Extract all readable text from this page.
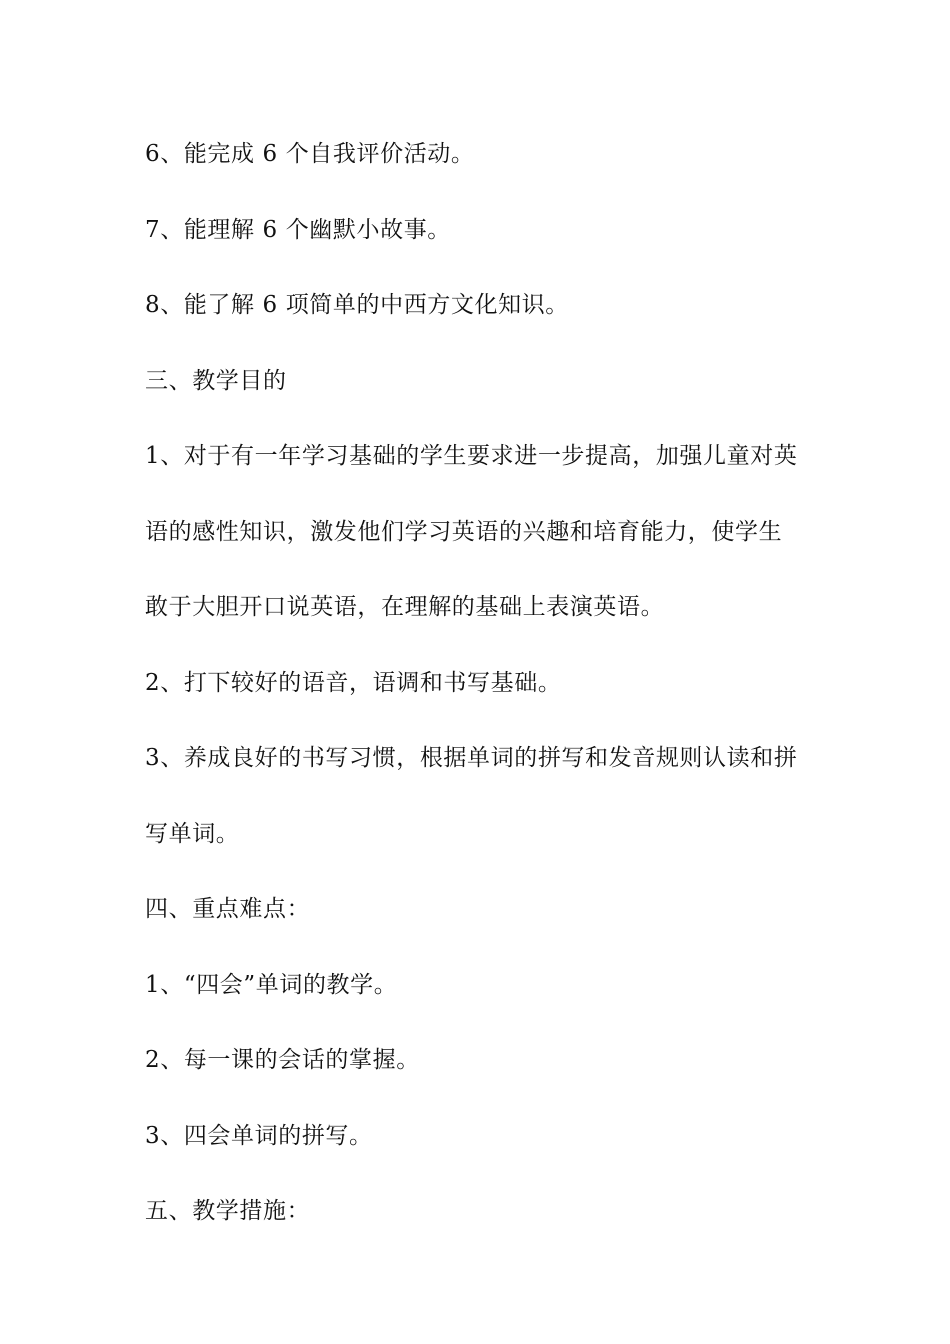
6、能完成 6 个自我评价活动。
7、能理解 6 个幽默小故事。
8、能了解 6 项简单的中西方文化知识。
三、教学目的
1、对于有一年学习基础的学生要求进一步提高，加强儿童对英
语的感性知识，激发他们学习英语的兴趣和培育能力，使学生
敢于大胆开口说英语，在理解的基础上表演英语。
2、打下较好的语音，语调和书写基础。
3、养成良好的书写习惯，根据单词的拼写和发音规则认读和拼
写单词。
四、重点难点：
1、“四会”单词的教学。
2、每一课的会话的掌握。
3、四会单词的拼写。
五、教学措施：
